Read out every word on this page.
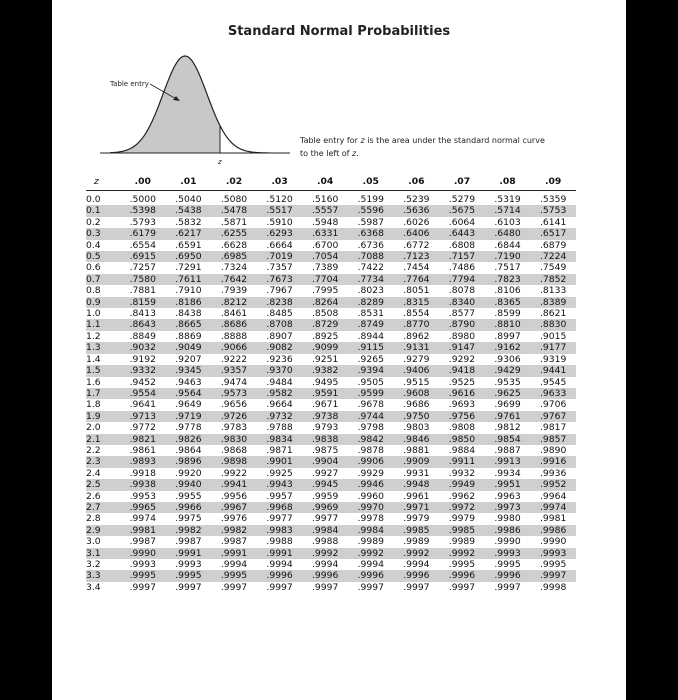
Standard Normal Probabilities
Table entry
z
Table entry for z is the area under the standard normal curve
to the left of z.
z	.00	.01	.02	.03	.04	.05	.06	.07	.08	.09
0.0	.5000	.5040	.5080	.5120	.5160	.5199	.5239	.5279	.5319	.5359
0.1	.5398	.5438	.5478	.5517	.5557	.5596	.5636	.5675	.5714	.5753
0.2	.5793	.5832	.5871	.5910	.5948	.5987	.6026	.6064	.6103	.6141
0.3	.6179	.6217	.6255	.6293	.6331	.6368	.6406	.6443	.6480	.6517
0.4	.6554	.6591	.6628	.6664	.6700	.6736	.6772	.6808	.6844	.6879
0.5	.6915	.6950	.6985	.7019	.7054	.7088	.7123	.7157	.7190	.7224
0.6	.7257	.7291	.7324	.7357	.7389	.7422	.7454	.7486	.7517	.7549
0.7	.7580	.7611	.7642	.7673	.7704	.7734	.7764	.7794	.7823	.7852
0.8	.7881	.7910	.7939	.7967	.7995	.8023	.8051	.8078	.8106	.8133
0.9	.8159	.8186	.8212	.8238	.8264	.8289	.8315	.8340	.8365	.8389
1.0	.8413	.8438	.8461	.8485	.8508	.8531	.8554	.8577	.8599	.8621
1.1	.8643	.8665	.8686	.8708	.8729	.8749	.8770	.8790	.8810	.8830
1.2	.8849	.8869	.8888	.8907	.8925	.8944	.8962	.8980	.8997	.9015
1.3	.9032	.9049	.9066	.9082	.9099	.9115	.9131	.9147	.9162	.9177
1.4	.9192	.9207	.9222	.9236	.9251	.9265	.9279	.9292	.9306	.9319
1.5	.9332	.9345	.9357	.9370	.9382	.9394	.9406	.9418	.9429	.9441
1.6	.9452	.9463	.9474	.9484	.9495	.9505	.9515	.9525	.9535	.9545
1.7	.9554	.9564	.9573	.9582	.9591	.9599	.9608	.9616	.9625	.9633
1.8	.9641	.9649	.9656	.9664	.9671	.9678	.9686	.9693	.9699	.9706
1.9	.9713	.9719	.9726	.9732	.9738	.9744	.9750	.9756	.9761	.9767
2.0	.9772	.9778	.9783	.9788	.9793	.9798	.9803	.9808	.9812	.9817
2.1	.9821	.9826	.9830	.9834	.9838	.9842	.9846	.9850	.9854	.9857
2.2	.9861	.9864	.9868	.9871	.9875	.9878	.9881	.9884	.9887	.9890
2.3	.9893	.9896	.9898	.9901	.9904	.9906	.9909	.9911	.9913	.9916
2.4	.9918	.9920	.9922	.9925	.9927	.9929	.9931	.9932	.9934	.9936
2.5	.9938	.9940	.9941	.9943	.9945	.9946	.9948	.9949	.9951	.9952
2.6	.9953	.9955	.9956	.9957	.9959	.9960	.9961	.9962	.9963	.9964
2.7	.9965	.9966	.9967	.9968	.9969	.9970	.9971	.9972	.9973	.9974
2.8	.9974	.9975	.9976	.9977	.9977	.9978	.9979	.9979	.9980	.9981
2.9	.9981	.9982	.9982	.9983	.9984	.9984	.9985	.9985	.9986	.9986
3.0	.9987	.9987	.9987	.9988	.9988	.9989	.9989	.9989	.9990	.9990
3.1	.9990	.9991	.9991	.9991	.9992	.9992	.9992	.9992	.9993	.9993
3.2	.9993	.9993	.9994	.9994	.9994	.9994	.9994	.9995	.9995	.9995
3.3	.9995	.9995	.9995	.9996	.9996	.9996	.9996	.9996	.9996	.9997
3.4	.9997	.9997	.9997	.9997	.9997	.9997	.9997	.9997	.9997	.9998
